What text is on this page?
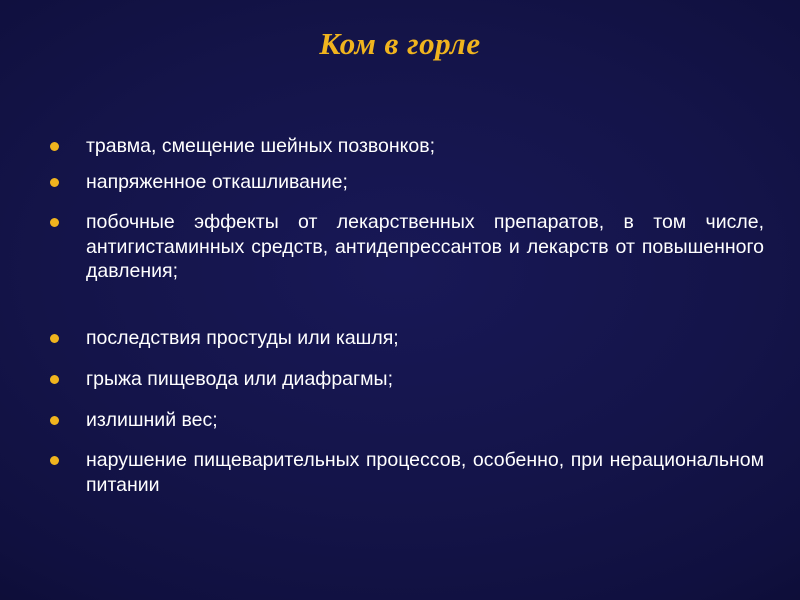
Ком в горле
травма, смещение шейных позвонков;
напряженное откашливание;
побочные эффекты от лекарственных препаратов, в том числе, антигистаминных средств, антидепрессантов и лекарств от повышенного давления;
последствия простуды или кашля;
грыжа пищевода или диафрагмы;
излишний вес;
нарушение пищеварительных процессов, особенно, при нерациональном питании
